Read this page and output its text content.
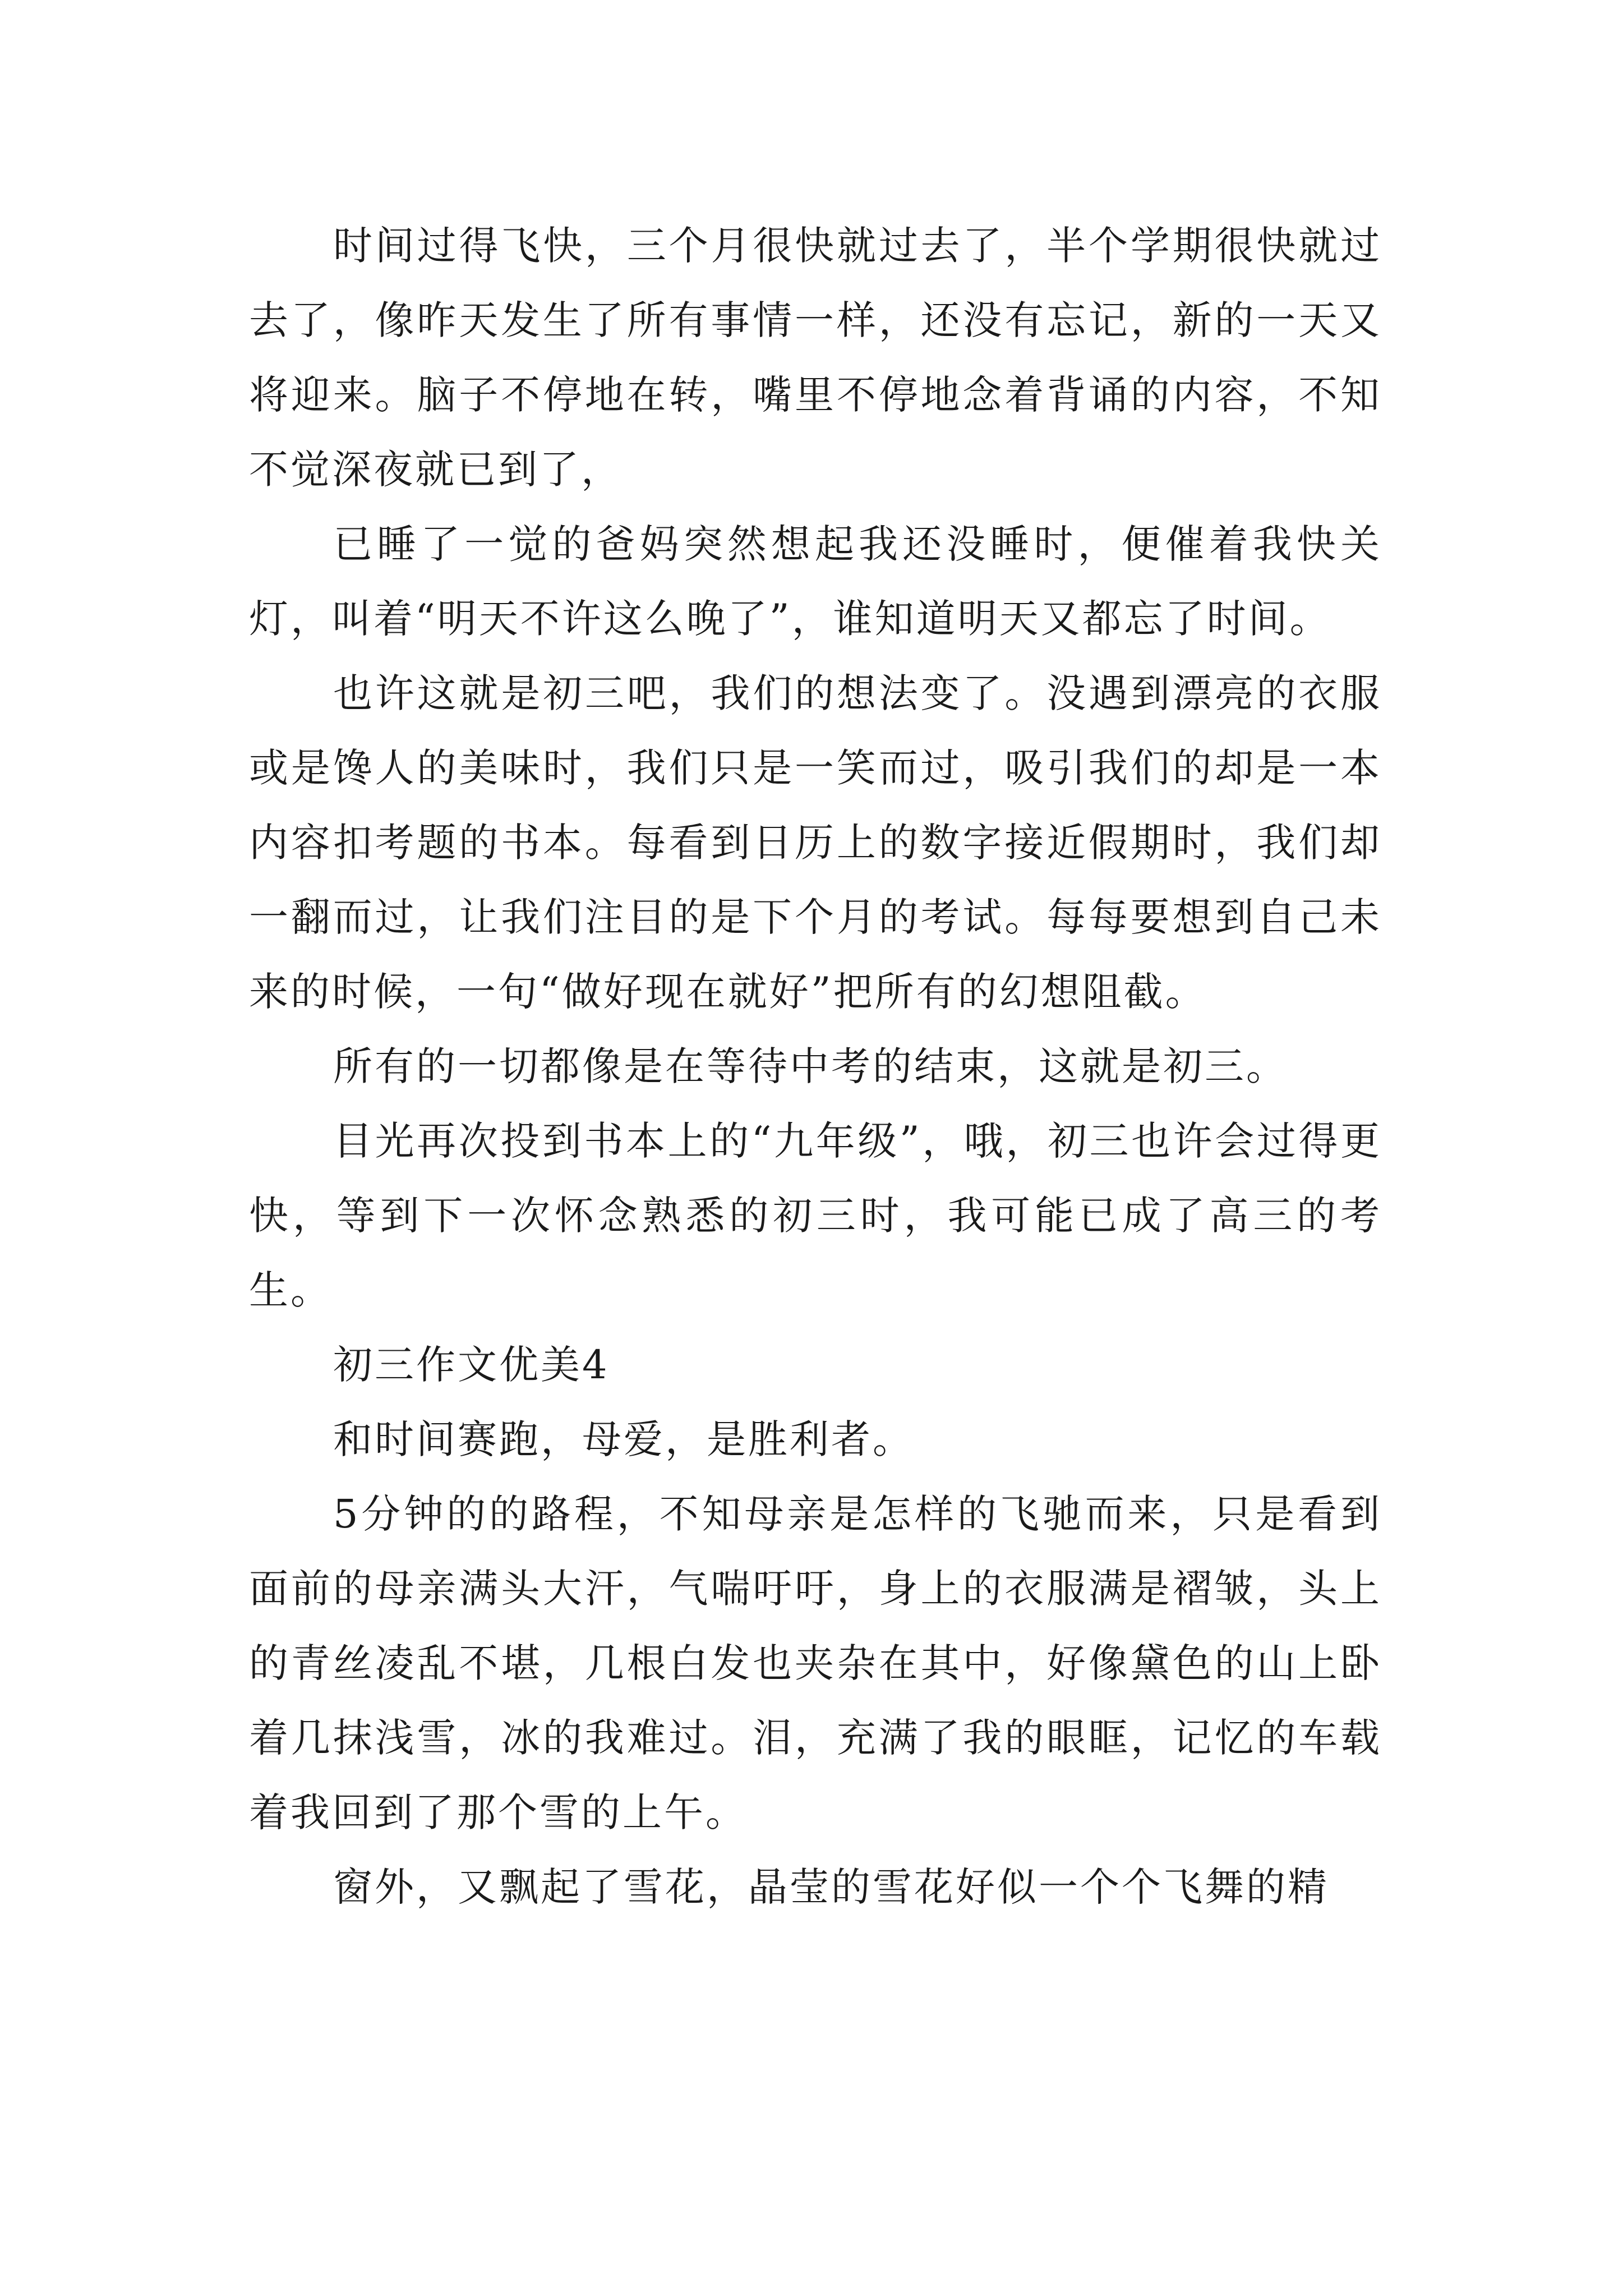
时间过得飞快，三个月很快就过去了，半个学期很快就过去了，像昨天发生了所有事情一样，还没有忘记，新的一天又将迎来。脑子不停地在转，嘴里不停地念着背诵的内容，不知不觉深夜就已到了，

已睡了一觉的爸妈突然想起我还没睡时，便催着我快关灯，叫着“明天不许这么晚了”，谁知道明天又都忘了时间。

也许这就是初三吧，我们的想法变了。没遇到漂亮的衣服或是馋人的美味时，我们只是一笑而过，吸引我们的却是一本内容扣考题的书本。每看到日历上的数字接近假期时，我们却一翻而过，让我们注目的是下个月的考试。每每要想到自己未来的时候，一句“做好现在就好”把所有的幻想阻截。

所有的一切都像是在等待中考的结束，这就是初三。

目光再次投到书本上的“九年级”，哦，初三也许会过得更快，等到下一次怀念熟悉的初三时，我可能已成了高三的考生。

初三作文优美4

和时间赛跑，母爱，是胜利者。

5分钟的的路程，不知母亲是怎样的飞驰而来，只是看到面前的母亲满头大汗，气喘吁吁，身上的衣服满是褶皱，头上的青丝凌乱不堪，几根白发也夹杂在其中，好像黛色的山上卧着几抹浅雪，冰的我难过。泪，充满了我的眼眶，记忆的车载着我回到了那个雪的上午。

窗外，又飘起了雪花，晶莹的雪花好似一个个飞舞的精
